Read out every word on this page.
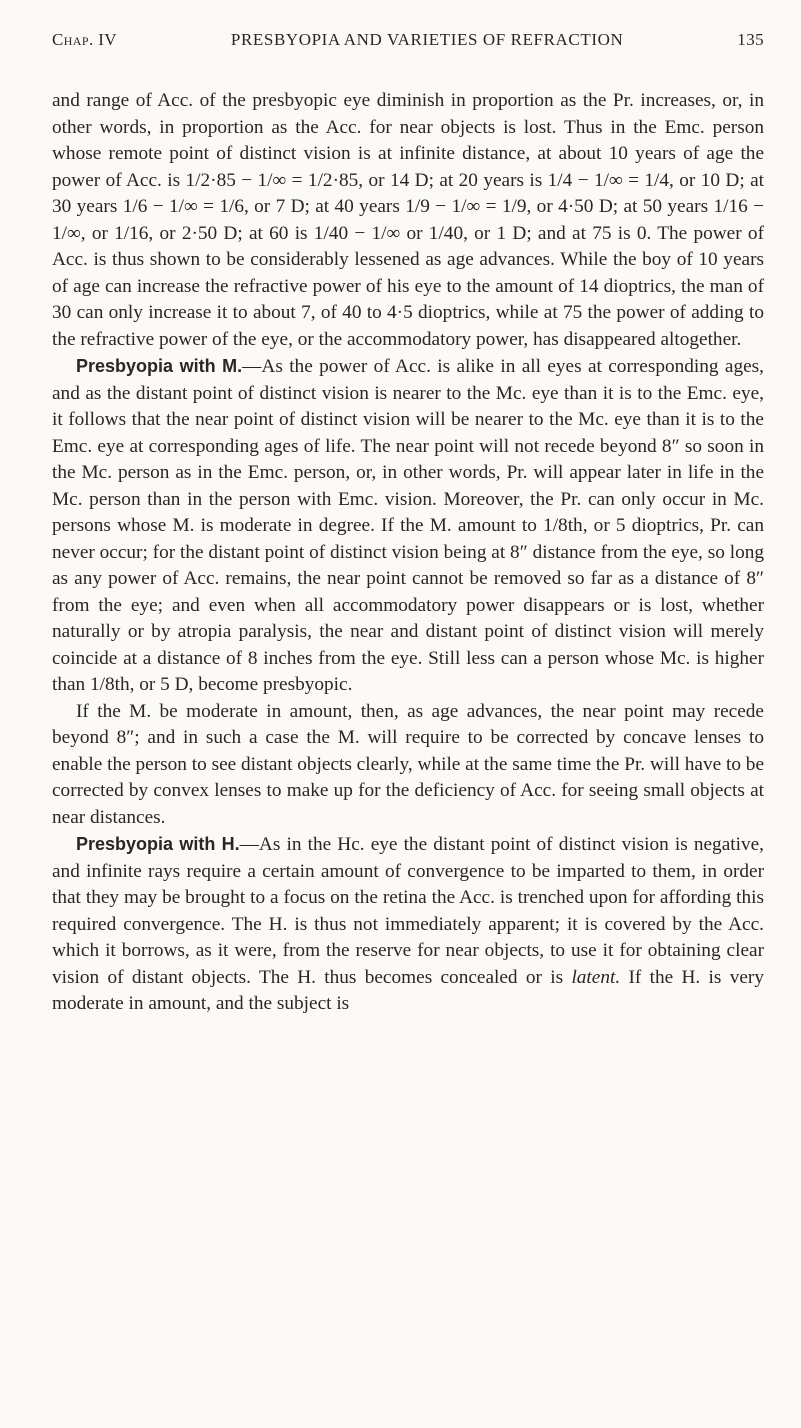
Chap. IV	PRESBYOPIA AND VARIETIES OF REFRACTION	135

and range of Acc. of the presbyopic eye diminish in proportion as the Pr. increases, or, in other words, in proportion as the Acc. for near objects is lost. Thus in the Emc. person whose remote point of distinct vision is at infinite distance, at about 10 years of age the power of Acc. is 1/2·85 − 1/∞ = 1/2·85, or 14 D; at 20 years is 1/4 − 1/∞ = 1/4, or 10 D; at 30 years 1/6 − 1/∞ = 1/6, or 7 D; at 40 years 1/9 − 1/∞ = 1/9, or 4·50 D; at 50 years 1/16 − 1/∞, or 1/16, or 2·50 D; at 60 is 1/40 − 1/∞ or 1/40, or 1 D; and at 75 is 0. The power of Acc. is thus shown to be considerably lessened as age advances. While the boy of 10 years of age can increase the refractive power of his eye to the amount of 14 dioptrics, the man of 30 can only increase it to about 7, of 40 to 4·5 dioptrics, while at 75 the power of adding to the refractive power of the eye, or the accommodatory power, has disappeared altogether.

Presbyopia with M.—As the power of Acc. is alike in all eyes at corresponding ages, and as the distant point of distinct vision is nearer to the Mc. eye than it is to the Emc. eye, it follows that the near point of distinct vision will be nearer to the Mc. eye than it is to the Emc. eye at corresponding ages of life. The near point will not recede beyond 8″ so soon in the Mc. person as in the Emc. person, or, in other words, Pr. will appear later in life in the Mc. person than in the person with Emc. vision. Moreover, the Pr. can only occur in Mc. persons whose M. is moderate in degree. If the M. amount to 1/8th, or 5 dioptrics, Pr. can never occur; for the distant point of distinct vision being at 8″ distance from the eye, so long as any power of Acc. remains, the near point cannot be removed so far as a distance of 8″ from the eye; and even when all accommodatory power disappears or is lost, whether naturally or by atropia paralysis, the near and distant point of distinct vision will merely coincide at a distance of 8 inches from the eye. Still less can a person whose Mc. is higher than 1/8th, or 5 D, become presbyopic.

If the M. be moderate in amount, then, as age advances, the near point may recede beyond 8″; and in such a case the M. will require to be corrected by concave lenses to enable the person to see distant objects clearly, while at the same time the Pr. will have to be corrected by convex lenses to make up for the deficiency of Acc. for seeing small objects at near distances.

Presbyopia with H.—As in the Hc. eye the distant point of distinct vision is negative, and infinite rays require a certain amount of convergence to be imparted to them, in order that they may be brought to a focus on the retina the Acc. is trenched upon for affording this required convergence. The H. is thus not immediately apparent; it is covered by the Acc. which it borrows, as it were, from the reserve for near objects, to use it for obtaining clear vision of distant objects. The H. thus becomes concealed or is latent. If the H. is very moderate in amount, and the subject is
